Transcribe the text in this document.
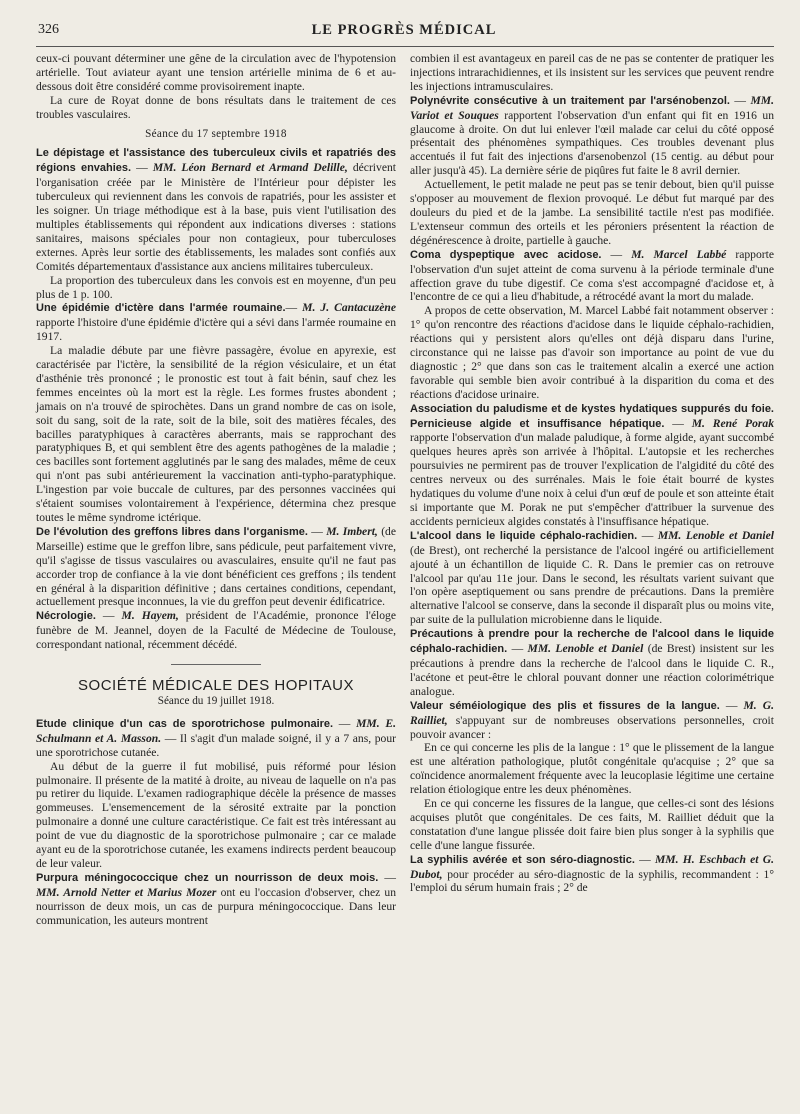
326	LE PROGRÈS MÉDICAL

ceux-ci pouvant déterminer une gêne de la circulation avec de l'hypotension artérielle. Tout aviateur ayant une tension artérielle minima de 6 et au-dessous doit être considéré comme provisoirement inapte.

La cure de Royat donne de bons résultats dans le traitement de ces troubles vasculaires.

Séance du 17 septembre 1918

Le dépistage et l'assistance des tuberculeux civils et rapatriés des régions envahies. — MM. Léon Bernard et Armand Delille, décrivent l'organisation créée par le Ministère de l'Intérieur pour dépister les tuberculeux qui reviennent dans les convois de rapatriés, pour les assister et les soigner. Un triage méthodique est à la base, puis vient l'utilisation des multiples établissements qui répondent aux indications diverses : stations sanitaires, maisons spéciales pour non contagieux, pour tuberculoses externes. Après leur sortie des établissements, les malades sont confiés aux Comités départementaux d'assistance aux anciens militaires tuberculeux.

La proportion des tuberculeux dans les convois est en moyenne, d'un peu plus de 1 p. 100.

Une épidémie d'ictère dans l'armée roumaine.— M. J. Cantacuzène rapporte l'histoire d'une épidémie d'ictère qui a sévi dans l'armée roumaine en 1917.

La maladie débute par une fièvre passagère, évolue en apyrexie, est caractérisée par l'ictère, la sensibilité de la région vésiculaire, et un état d'asthénie très prononcé ; le pronostic est tout à fait bénin, sauf chez les femmes enceintes où la mort est la règle. Les formes frustes abondent ; jamais on n'a trouvé de spirochètes. Dans un grand nombre de cas on isole, soit du sang, soit de la rate, soit de la bile, soit des matières fécales, des bacilles paratyphiques à caractères aberrants, mais se rapprochant des paratyphiques B, et qui semblent être des agents pathogènes de la maladie ; ces bacilles sont fortement agglutinés par le sang des malades, même de ceux qui n'ont pas subi antérieurement la vaccination anti-typho-paratyphique. L'ingestion par voie buccale de cultures, par des personnes vaccinées qui s'étaient soumises volontairement à l'expérience, détermina chez presque toutes le même syndrome ictérique.

De l'évolution des greffons libres dans l'organisme. — M. Imbert, (de Marseille) estime que le greffon libre, sans pédicule, peut parfaitement vivre, qu'il s'agisse de tissus vasculaires ou avasculaires, ensuite qu'il ne faut pas accorder trop de confiance à la vie dont bénéficient ces greffons ; ils tendent en général à la disparition définitive ; dans certaines conditions, cependant, actuellement presque inconnues, la vie du greffon peut devenir édificatrice.

Nécrologie. — M. Hayem, président de l'Académie, prononce l'éloge funèbre de M. Jeannel, doyen de la Faculté de Médecine de Toulouse, correspondant national, récemment décédé.

SOCIÉTÉ MÉDICALE DES HOPITAUX
Séance du 19 juillet 1918.

Etude clinique d'un cas de sporotrichose pulmonaire. — MM. E. Schulmann et A. Masson. — Il s'agit d'un malade soigné, il y a 7 ans, pour une sporotrichose cutanée.

Au début de la guerre il fut mobilisé, puis réformé pour lésion pulmonaire. Il présente de la matité à droite, au niveau de laquelle on n'a pas pu retirer du liquide. L'examen radiographique décèle la présence de masses gommeuses. L'ensemencement de la sérosité extraite par la ponction pulmonaire a donné une culture caractéristique. Ce fait est très intéressant au point de vue du diagnostic de la sporotrichose pulmonaire ; car ce malade ayant eu de la sporotrichose cutanée, les examens indirects perdent beaucoup de leur valeur.

Purpura méningococcique chez un nourrisson de deux mois. — MM. Arnold Netter et Marius Mozer ont eu l'occasion d'observer, chez un nourrisson de deux mois, un cas de purpura méningococcique. Dans leur communication, les auteurs montrent

combien il est avantageux en pareil cas de ne pas se contenter de pratiquer les injections intrarachidiennes, et ils insistent sur les services que peuvent rendre les injections intramusculaires.

Polynévrite consécutive à un traitement par l'arsénobenzol. — MM. Variot et Souques rapportent l'observation d'un enfant qui fit en 1916 un glaucome à droite. On dut lui enlever l'œil malade car celui du côté opposé présentait des phénomènes sympathiques. Ces troubles devenant plus accentués il fut fait des injections d'arsenobenzol (15 centig. au début pour aller jusqu'à 45). La dernière série de piqûres fut faite le 8 avril dernier.

Actuellement, le petit malade ne peut pas se tenir debout, bien qu'il puisse s'opposer au mouvement de flexion provoqué. Le début fut marqué par des douleurs du pied et de la jambe. La sensibilité tactile n'est pas modifiée. L'extenseur commun des orteils et les péroniers présentent la réaction de dégénérescence à droite, partielle à gauche.

Coma dyspeptique avec acidose. — M. Marcel Labbé rapporte l'observation d'un sujet atteint de coma survenu à la période terminale d'une affection grave du tube digestif. Ce coma s'est accompagné d'acidose et, à l'encontre de ce qui a lieu d'habitude, a rétrocédé avant la mort du malade.

A propos de cette observation, M. Marcel Labbé fait notamment observer : 1° qu'on rencontre des réactions d'acidose dans le liquide céphalo-rachidien, réactions qui y persistent alors qu'elles ont déjà disparu dans l'urine, circonstance qui ne laisse pas d'avoir son importance au point de vue du diagnostic ; 2° que dans son cas le traitement alcalin a exercé une action favorable qui semble bien avoir contribué à la disparition du coma et des réactions d'acidose urinaire.

Association du paludisme et de kystes hydatiques suppurés du foie. Pernicieuse algide et insuffisance hépatique. — M. René Porak rapporte l'observation d'un malade paludique, à forme algide, ayant succombé quelques heures après son arrivée à l'hôpital. L'autopsie et les recherches poursuivies ne permirent pas de trouver l'explication de l'algidité du côté des centres nerveux ou des surrénales. Mais le foie était bourré de kystes hydatiques du volume d'une noix à celui d'un œuf de poule et son atteinte était si importante que M. Porak ne put s'empêcher d'attribuer la survenue des accidents pernicieux algides constatés à l'insuffisance hépatique.

L'alcool dans le liquide céphalo-rachidien. — MM. Lenoble et Daniel (de Brest), ont recherché la persistance de l'alcool ingéré ou artificiellement ajouté à un échantillon de liquide C. R. Dans le premier cas on retrouve l'alcool par qu'au 11e jour. Dans le second, les résultats varient suivant que l'on opère aseptiquement ou sans prendre de précautions. Dans la première alternative l'alcool se conserve, dans la seconde il disparaît plus ou moins vite, par suite de la pullulation microbienne dans le liquide.

Précautions à prendre pour la recherche de l'alcool dans le liquide céphalo-rachidien. — MM. Lenoble et Daniel (de Brest) insistent sur les précautions à prendre dans la recherche de l'alcool dans le liquide C. R., l'acétone et peut-être le chloral pouvant donner une réaction colorimétrique analogue.

Valeur séméiologique des plis et fissures de la langue. — M. G. Railliet, s'appuyant sur de nombreuses observations personnelles, croit pouvoir avancer :

En ce qui concerne les plis de la langue : 1° que le plissement de la langue est une altération pathologique, plutôt congénitale qu'acquise ; 2° que sa coïncidence anormalement fréquente avec la leucoplasie légitime une certaine relation étiologique entre les deux phénomènes.

En ce qui concerne les fissures de la langue, que celles-ci sont des lésions acquises plutôt que congénitales. De ces faits, M. Railliet déduit que la constatation d'une langue plissée doit faire bien plus songer à la syphilis que celle d'une langue fissurée.

La syphilis avérée et son séro-diagnostic. — MM. H. Eschbach et G. Dubot, pour procéder au séro-diagnostic de la syphilis, recommandent : 1° l'emploi du sérum humain frais ; 2° de
